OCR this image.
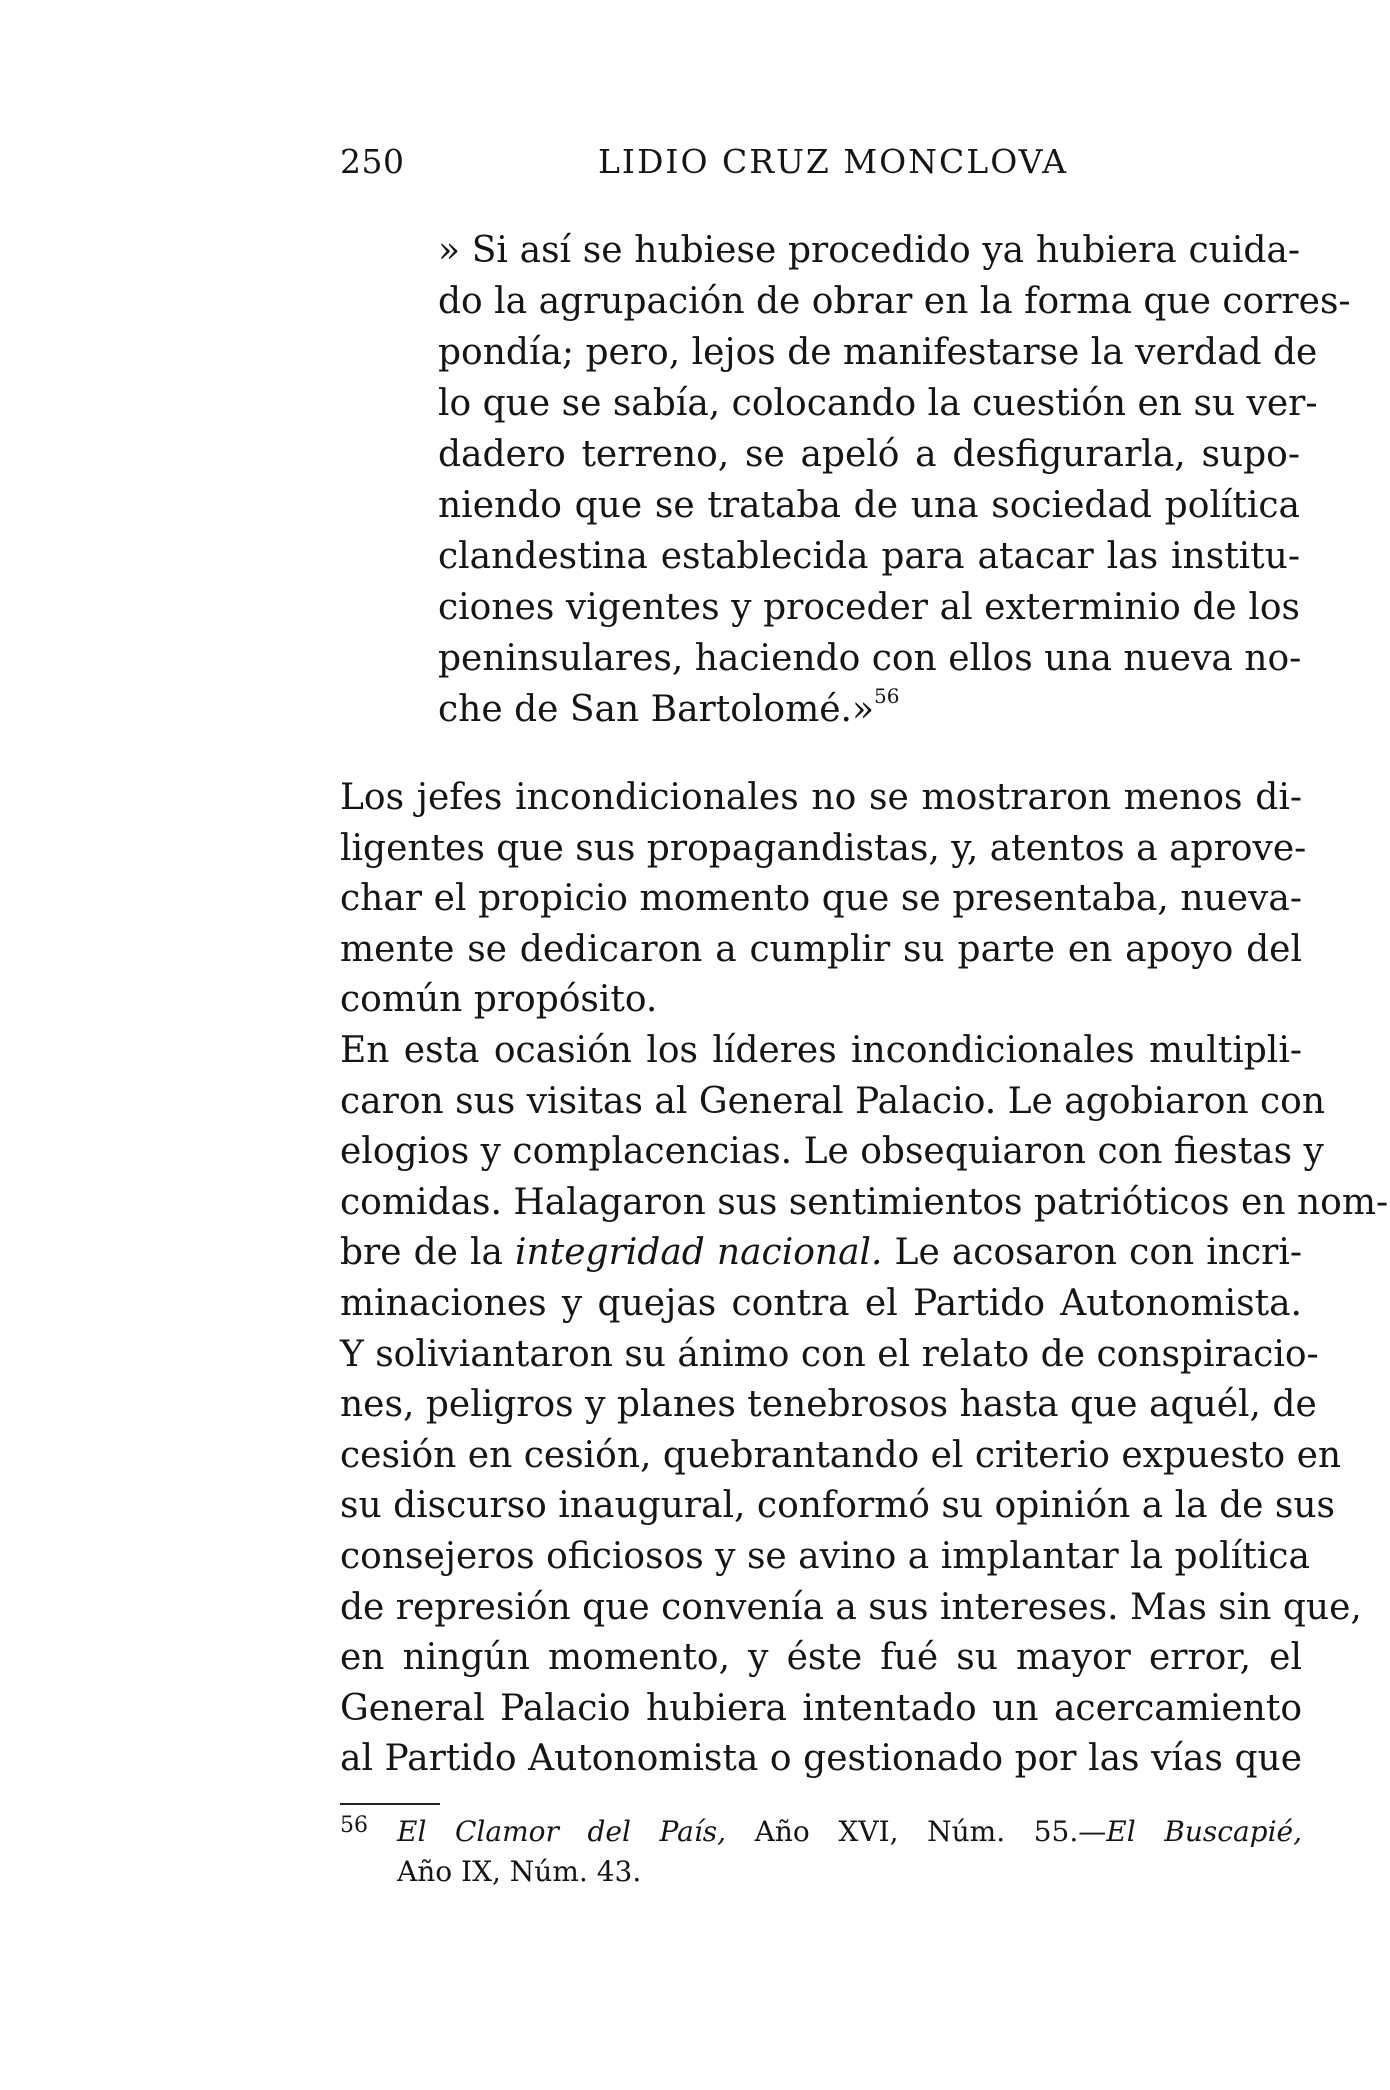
250	LIDIO CRUZ MONCLOVA
» Si así se hubiese procedido ya hubiera cuida-
do la agrupación de obrar en la forma que corres-
pondía; pero, lejos de manifestarse la verdad de
lo que se sabía, colocando la cuestión en su ver-
dadero terreno, se apeló a desfigurarla, supo-
niendo que se trataba de una sociedad política
clandestina establecida para atacar las institu-
ciones vigentes y proceder al exterminio de los
peninsulares, haciendo con ellos una nueva no-
che de San Bartolomé.»$^{56}$
Los jefes incondicionales no se mostraron menos di-
ligentes que sus propagandistas, y, atentos a aprove-
char el propicio momento que se presentaba, nueva-
mente se dedicaron a cumplir su parte en apoyo del
común propósito.
En esta ocasión los líderes incondicionales multipli-
caron sus visitas al General Palacio. Le agobiaron con
elogios y complacencias. Le obsequiaron con fiestas y
comidas. Halagaron sus sentimientos patrióticos en nom-
bre de la integridad nacional. Le acosaron con incri-
minaciones y quejas contra el Partido Autonomista.
Y soliviantaron su ánimo con el relato de conspiracio-
nes, peligros y planes tenebrosos hasta que aquél, de
cesión en cesión, quebrantando el criterio expuesto en
su discurso inaugural, conformó su opinión a la de sus
consejeros oficiosos y se avino a implantar la política
de represión que convenía a sus intereses. Mas sin que,
en ningún momento, y éste fué su mayor error, el
General Palacio hubiera intentado un acercamiento
al Partido Autonomista o gestionado por las vías que
56 El Clamor del País, Año XVI, Núm. 55.—El Buscapié,
Año IX, Núm. 43.
